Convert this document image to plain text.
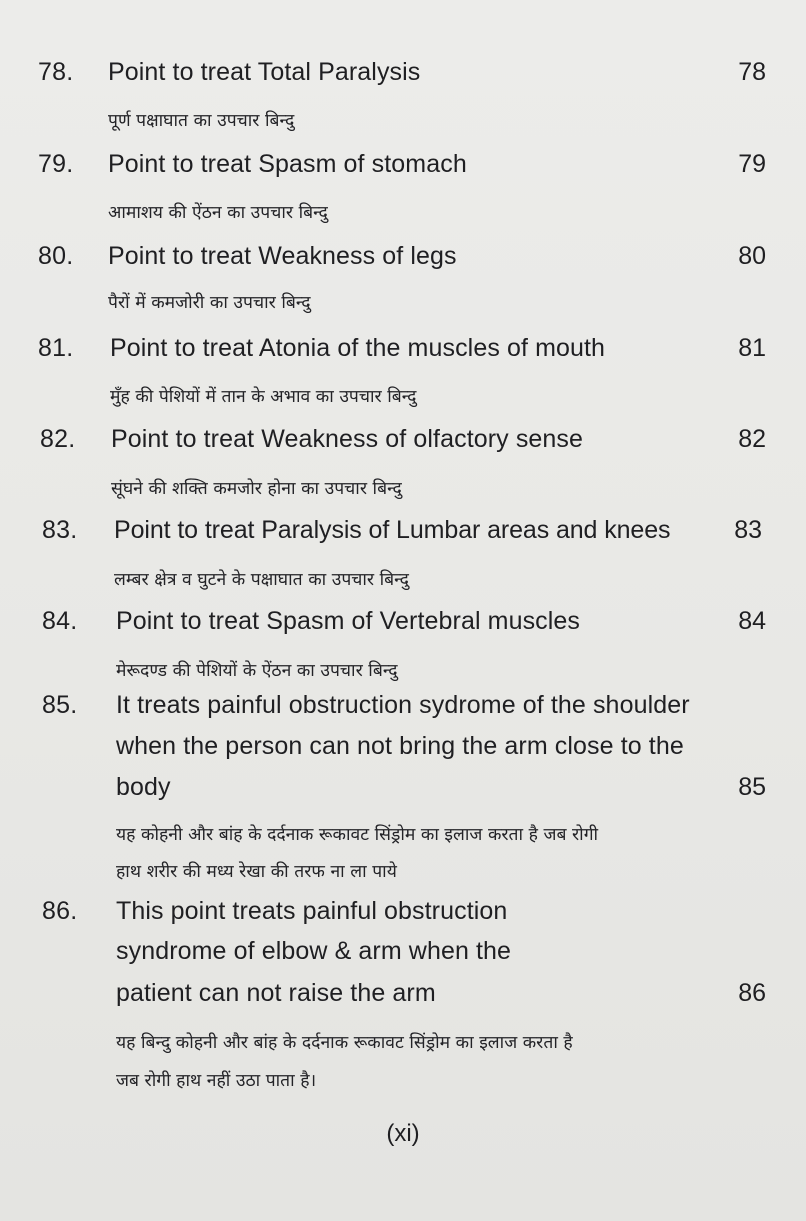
78. Point to treat Total Paralysis	78
पूर्ण पक्षाघात का उपचार बिन्दु
79. Point to treat Spasm of stomach	79
आमाशय की ऐंठन का उपचार बिन्दु
80. Point to treat Weakness of legs	80
पैरों में कमजोरी का उपचार बिन्दु
81. Point to treat Atonia of the muscles of mouth	81
मुँह की पेशियों में तान के अभाव का उपचार बिन्दु
82. Point to treat Weakness of olfactory sense	82
सूंघने की शक्ति कमजोर होना का उपचार बिन्दु
83. Point to treat Paralysis of Lumbar areas and knees	83
लम्बर क्षेत्र व घुटने के पक्षाघात का उपचार बिन्दु
84. Point to treat Spasm of Vertebral muscles	84
मेरूदण्ड की पेशियों के ऐंठन का उपचार बिन्दु
85. It treats painful obstruction sydrome of the shoulder
when the person can not bring the arm close to the
body	85
यह कोहनी और बांह के दर्दनाक रूकावट सिंड्रोम का इलाज करता है जब रोगी
हाथ शरीर की मध्य रेखा की तरफ ना ला पाये
86. This point treats painful obstruction
syndrome of elbow & arm when the
patient can not raise the arm	86
यह बिन्दु कोहनी और बांह के दर्दनाक रूकावट सिंड्रोम का इलाज करता है
जब रोगी हाथ नहीं उठा पाता है।
(xi)
